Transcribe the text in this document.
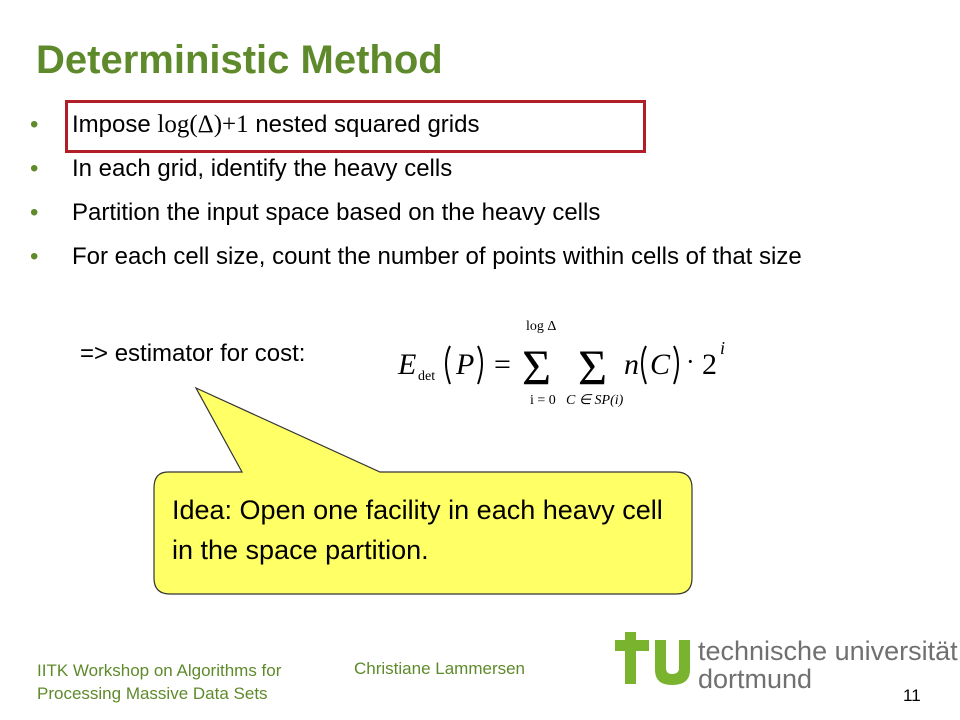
Deterministic Method
• Impose log(Δ)+1 nested squared grids
• In each grid, identify the heavy cells
• Partition the input space based on the heavy cells
• For each cell size, count the number of points within cells of that size
=> estimator for cost:	E det P =
log Δ
Σ
i = 0
Σ
C ∈ SP(i)
n C · 2 i
Idea: Open one facility in each heavy cell in the space partition.
IITK Workshop on Algorithms for
Processing Massive Data Sets
Christiane Lammersen
technische universität
dortmund
11
